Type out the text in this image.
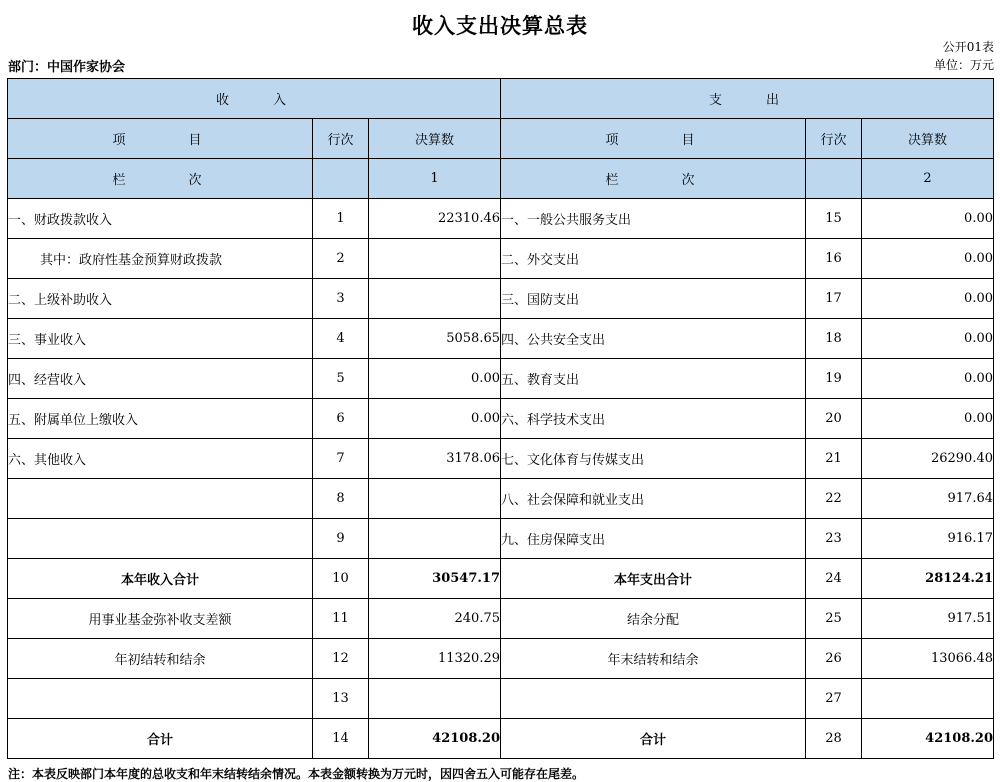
收入支出决算总表
部门：中国作家协会
公开01表
单位：万元
收　　入			支　　出		
项　　　目	行次	决算数	项　　　目	行次	决算数
栏　　　次		1	栏　　　次		2
一、财政拨款收入	1	22310.46	一、一般公共服务支出	15	0.00
其中：政府性基金预算财政拨款	2		二、外交支出	16	0.00
二、上级补助收入	3		三、国防支出	17	0.00
三、事业收入	4	5058.65	四、公共安全支出	18	0.00
四、经营收入	5	0.00	五、教育支出	19	0.00
五、附属单位上缴收入	6	0.00	六、科学技术支出	20	0.00
六、其他收入	7	3178.06	七、文化体育与传媒支出	21	26290.40
	8		八、社会保障和就业支出	22	917.64
	9		九、住房保障支出	23	916.17
本年收入合计	10	30547.17	本年支出合计	24	28124.21
用事业基金弥补收支差额	11	240.75	结余分配	25	917.51
年初结转和结余	12	11320.29	年末结转和结余	26	13066.48
	13			27	
合计	14	42108.20	合计	28	42108.20
注：本表反映部门本年度的总收支和年末结转结余情况。本表金额转换为万元时，因四舍五入可能存在尾差。
